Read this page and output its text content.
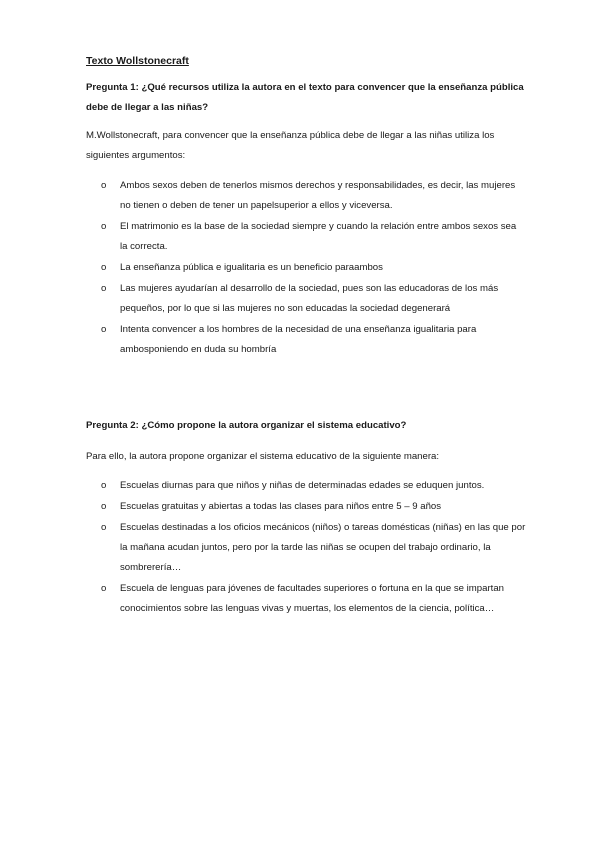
Texto Wollstonecraft

Pregunta 1: ¿Qué recursos utiliza la autora en el texto para convencer que la enseñanza pública debe de llegar a las niñas?

M.Wollstonecraft, para convencer que la enseñanza pública debe de llegar a las niñas utiliza los siguientes argumentos:

o Ambos sexos deben de tenerlos mismos derechos y responsabilidades, es decir, las mujeres no tienen o deben de tener un papelsuperior a ellos y viceversa.
o El matrimonio es la base de la sociedad siempre y cuando la relación entre ambos sexos sea la correcta.
o La enseñanza pública e igualitaria es un beneficio paraambos
o Las mujeres ayudarían al desarrollo de la sociedad, pues son las educadoras de los más pequeños, por lo que si las mujeres no son educadas la sociedad degenerará
o Intenta convencer a los hombres de la necesidad de una enseñanza igualitaria para ambosponiendo en duda su hombría

Pregunta 2: ¿Cómo propone la autora organizar el sistema educativo?

Para ello, la autora propone organizar el sistema educativo de la siguiente manera:

o Escuelas diurnas para que niños y niñas de determinadas edades se eduquen juntos.
o Escuelas gratuitas y abiertas a todas las clases para niños entre 5 – 9 años
o Escuelas destinadas a los oficios mecánicos (niños) o tareas domésticas (niñas) en las que por la mañana acudan juntos, pero por la tarde las niñas se ocupen del trabajo ordinario, la sombrerería…
o Escuela de lenguas para jóvenes de facultades superiores o fortuna en la que se impartan conocimientos sobre las lenguas vivas y muertas, los elementos de la ciencia, política…
